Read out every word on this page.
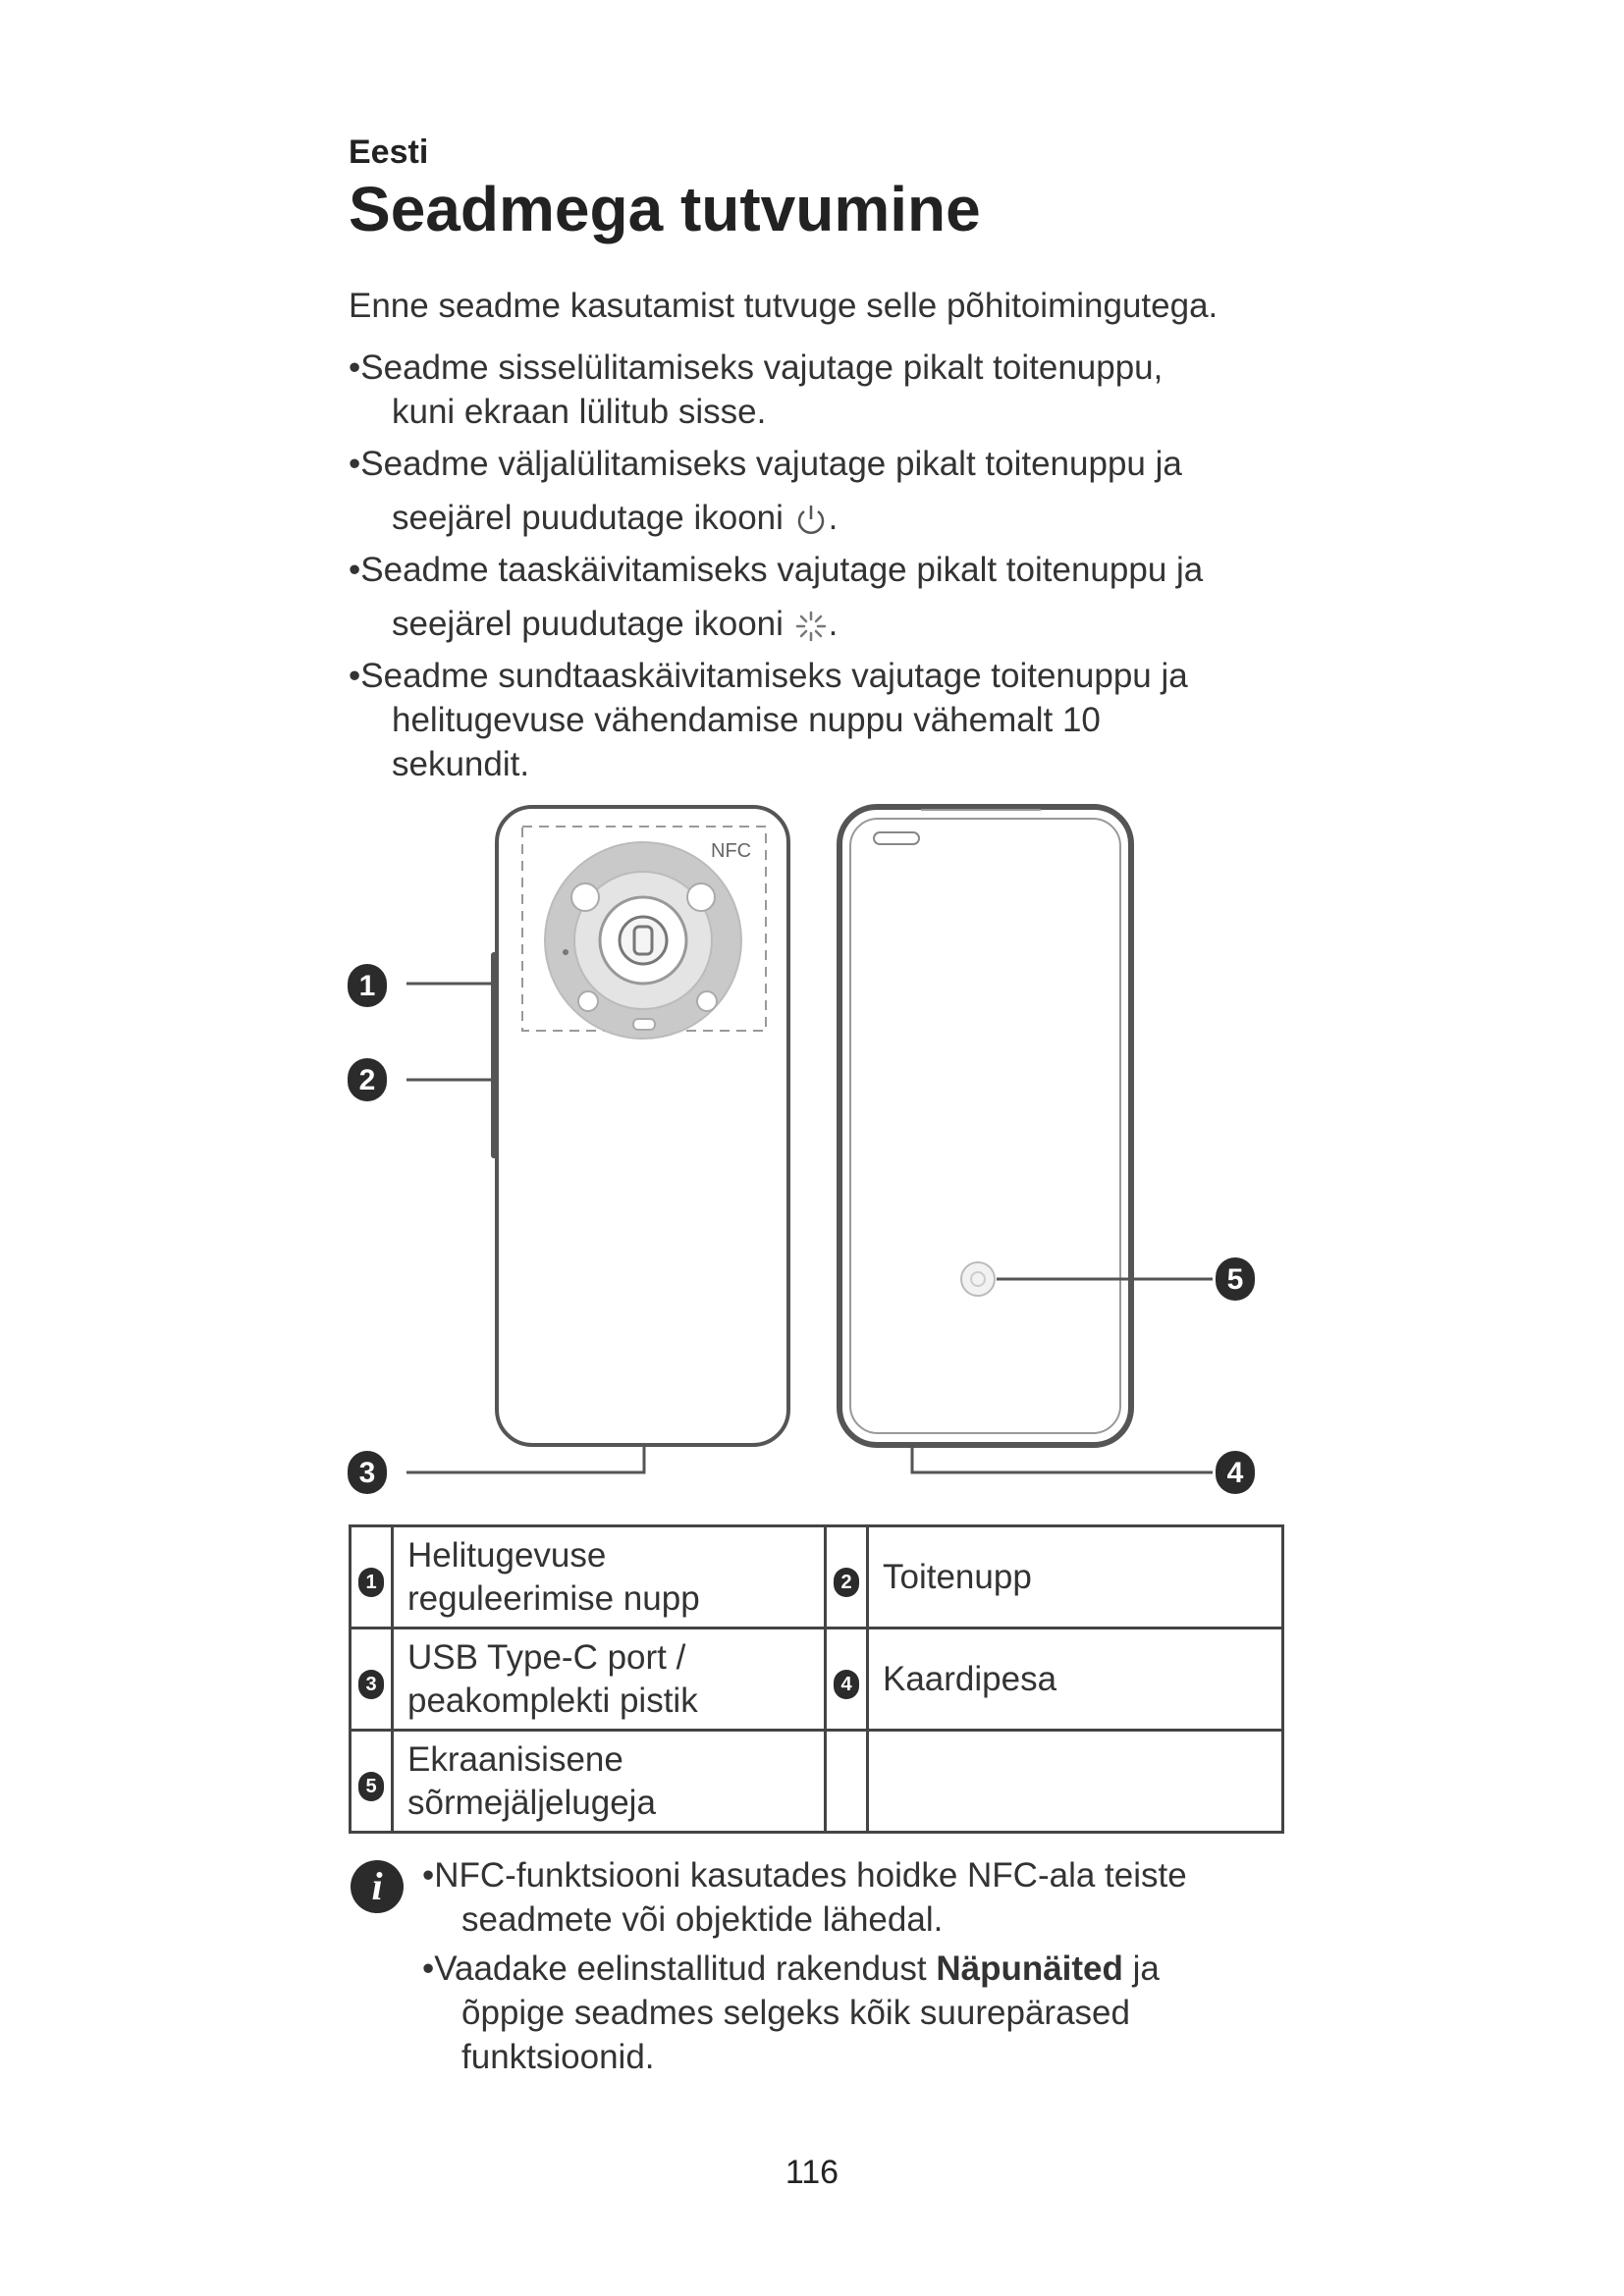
Eesti
Seadmega tutvumine
Enne seadme kasutamist tutvuge selle põhitoimingutega.
•Seadme sisselülitamiseks vajutage pikalt toitenuppu,
kuni ekraan lülitub sisse.
•Seadme väljalülitamiseks vajutage pikalt toitenuppu ja
seejärel puudutage ikooni .
•Seadme taaskäivitamiseks vajutage pikalt toitenuppu ja
seejärel puudutage ikooni .
•Seadme sundtaaskäivitamiseks vajutage toitenuppu ja
helitugevuse vähendamise nuppu vähemalt 10
sekundit.
NFC
1
2
3	4
5
1	Helitugevuse
reguleerimise nupp	2	Toitenupp
3	USB Type-C port /
peakomplekti pistik	4	Kaardipesa
5	Ekraanisisene
sõrmejäljelugeja		
i	•NFC-funktsiooni kasutades hoidke NFC-ala teiste
seadmete või objektide lähedal.
•Vaadake eelinstallitud rakendust Näpunäited ja
õppige seadmes selgeks kõik suurepärased
funktsioonid.
116
